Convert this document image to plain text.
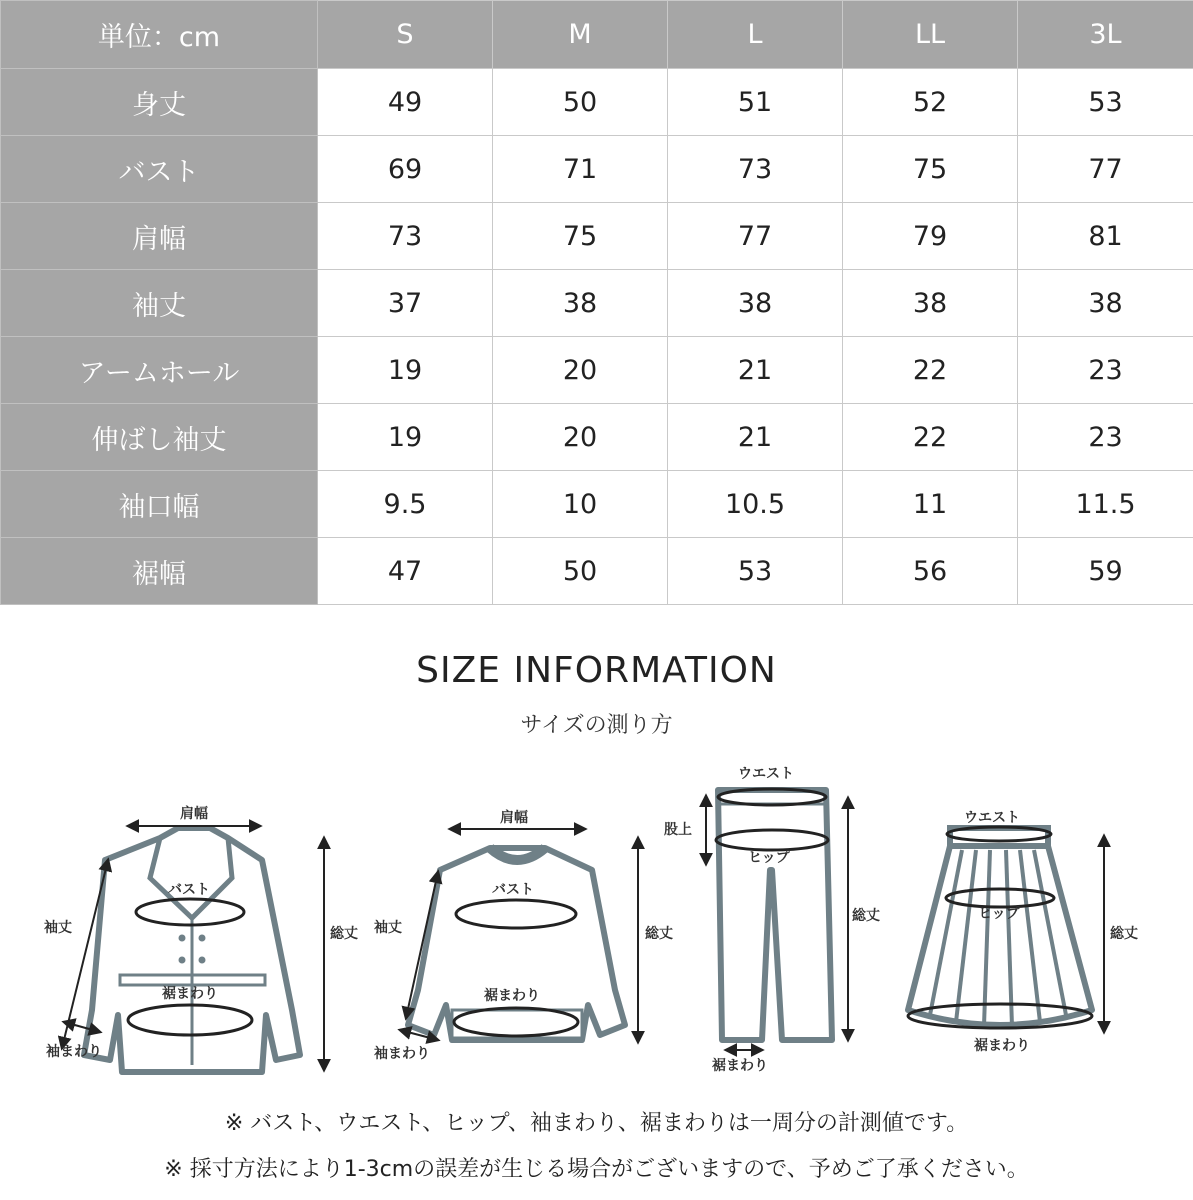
単位：cm	S	M	L	LL	3L
身丈	49	50	51	52	53
バスト	69	71	73	75	77
肩幅	73	75	77	79	81
袖丈	37	38	38	38	38
アームホール	19	20	21	22	23
伸ばし袖丈	19	20	21	22	23
袖口幅	9.5	10	10.5	11	11.5
裾幅	47	50	53	56	59
SIZE INFORMATION
サイズの測り方
肩幅
バスト
袖丈	総丈
裾まわり
袖まわり
肩幅
バスト
袖丈	総丈
裾まわり
袖まわり
ウエスト
股上
ヒップ
総丈
裾まわり
ウエスト
ヒップ
総丈
裾まわり
※ バスト、ウエスト、ヒップ、袖まわり、裾まわりは一周分の計測値です。
※ 採寸方法により1-3cmの誤差が生じる場合がございますので、予めご了承ください。
